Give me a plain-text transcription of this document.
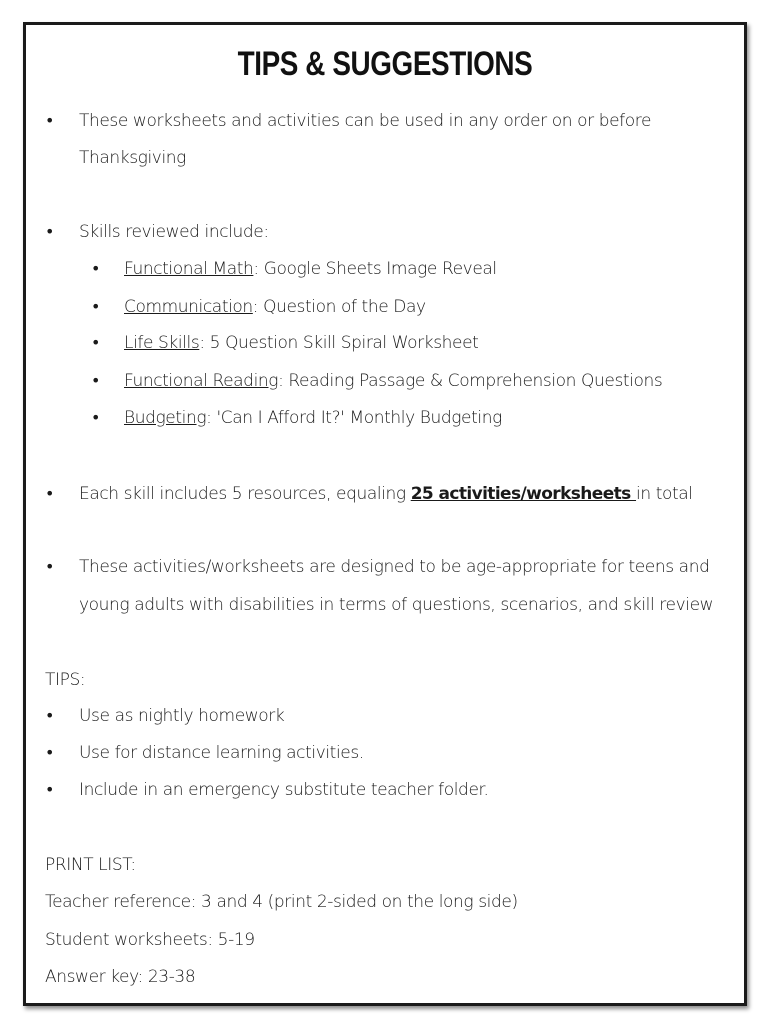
TIPS & SUGGESTIONS
• These worksheets and activities can be used in any order on or before
Thanksgiving
• Skills reviewed include:
• Functional Math: Google Sheets Image Reveal
• Communication: Question of the Day
• Life Skills: 5 Question Skill Spiral Worksheet
• Functional Reading: Reading Passage & Comprehension Questions
• Budgeting: 'Can I Afford It?' Monthly Budgeting
• Each skill includes 5 resources, equaling 25 activities/worksheets in total
• These activities/worksheets are designed to be age-appropriate for teens and
young adults with disabilities in terms of questions, scenarios, and skill review
TIPS:
• Use as nightly homework
• Use for distance learning activities.
• Include in an emergency substitute teacher folder.
PRINT LIST:
Teacher reference: 3 and 4 (print 2-sided on the long side)
Student worksheets: 5-19
Answer key: 23-38
